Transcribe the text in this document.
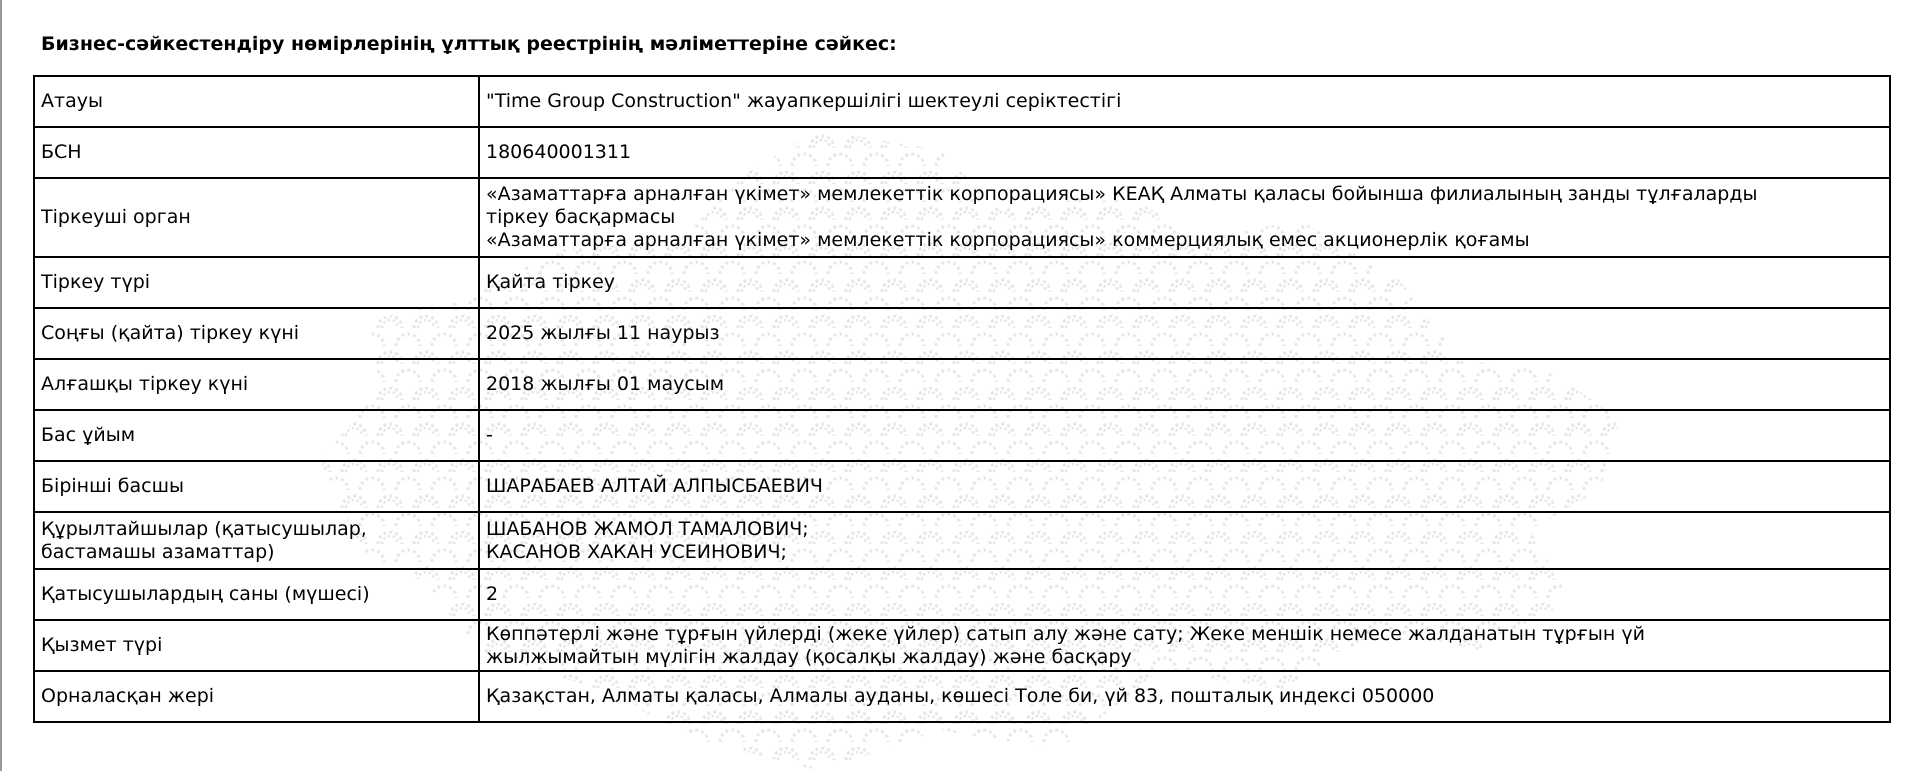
Бизнес-сәйкестендіру нөмірлерінің ұлттық реестрінің мәліметтеріне сәйкес:
Атауы	"Time Group Construction" жауапкершілігі шектеулі серіктестігі

БСН	180640001311

Тіркеуші орган	«Азаматтарға арналған үкімет» мемлекеттік корпорациясы» КЕАҚ Алматы қаласы бойынша филиалының занды тұлғаларды
тіркеу басқармасы
«Азаматтарға арналған үкімет» мемлекеттік корпорациясы» коммерциялық емес акционерлік қоғамы

Тіркеу түрі	Қайта тіркеу

Соңғы (қайта) тіркеу күні	2025 жылғы 11 наурыз

Алғашқы тіркеу күні	2018 жылғы 01 маусым

Бас ұйым	-

Бірінші басшы	ШАРАБАЕВ АЛТАЙ АЛПЫСБАЕВИЧ

Құрылтайшылар (қатысушылар,
бастамашы азаматтар)	ШАБАНОВ ЖАМОЛ ТАМАЛОВИЧ;
КАСАНОВ ХАКАН УСЕИНОВИЧ;

Қатысушылардың саны (мүшесі)	2

Қызмет түрі	Көппәтерлі және тұрғын үйлерді (жеке үйлер) сатып алу және сату; Жеке меншік немесе жалданатын тұрғын үй
жылжымайтын мүлігін жалдау (қосалқы жалдау) және басқару

Орналасқан жері	Қазақстан, Алматы қаласы, Алмалы ауданы, көшесі Толе би, үй 83, пошталық индексі 050000
